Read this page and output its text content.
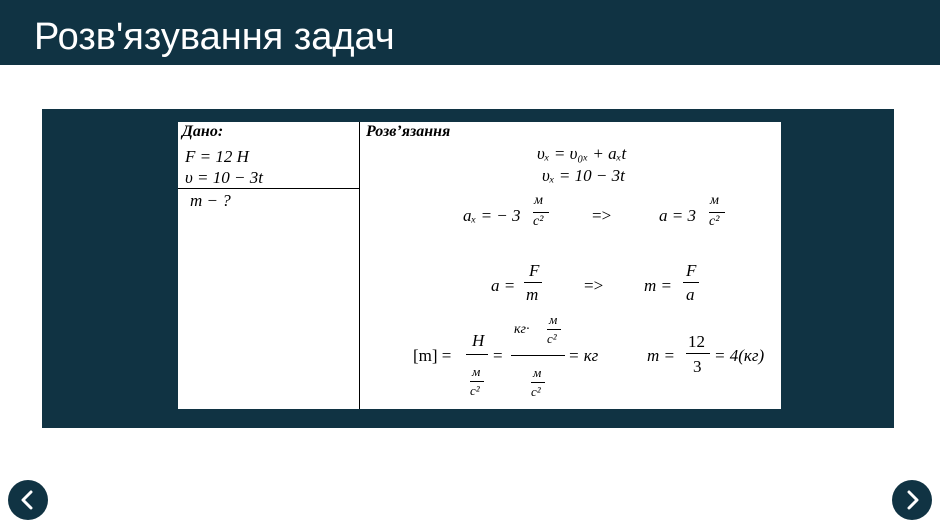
Розв'язування задач
Дано:
F = 12 H
υ = 10 − 3t
m − ?
Розв’язання
υₓ = υ₀ₓ + aₓt
υₓ = 10 − 3t
aₓ = − 3
м
с²	=>	a = 3
м
с²
a =
F
m	=> m =
F
a
[m] =
H
м
с²
=
кг·
м
с²
м
с²
= кг	m =
12
3
= 4(кг)
